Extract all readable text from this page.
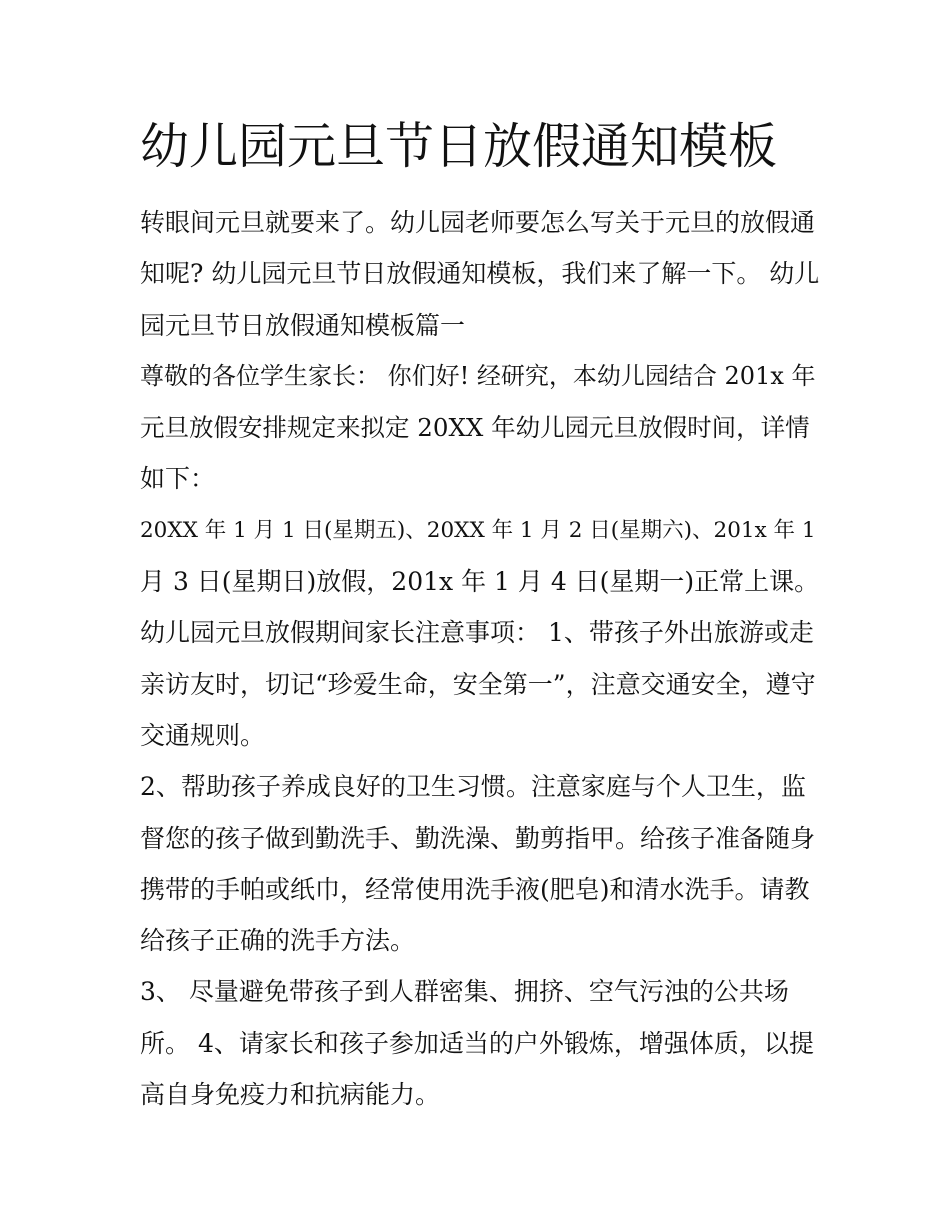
幼儿园元旦节日放假通知模板

转眼间元旦就要来了。幼儿园老师要怎么写关于元旦的放假通

知呢? 幼儿园元旦节日放假通知模板，我们来了解一下。 幼儿

园元旦节日放假通知模板篇一

尊敬的各位学生家长： 你们好! 经研究，本幼儿园结合 201x 年

元旦放假安排规定来拟定 20XX 年幼儿园元旦放假时间，详情

如下：

20XX 年 1 月 1 日(星期五)、20XX 年 1 月 2 日(星期六)、201x 年 1

月 3 日(星期日)放假，201x 年 1 月 4 日(星期一)正常上课。

幼儿园元旦放假期间家长注意事项： 1、带孩子外出旅游或走

亲访友时，切记“珍爱生命，安全第一”，注意交通安全，遵守

交通规则。

2、帮助孩子养成良好的卫生习惯。注意家庭与个人卫生，监

督您的孩子做到勤洗手、勤洗澡、勤剪指甲。给孩子准备随身

携带的手帕或纸巾，经常使用洗手液(肥皂)和清水洗手。请教

给孩子正确的洗手方法。

3、 尽量避免带孩子到人群密集、拥挤、空气污浊的公共场

所。 4、请家长和孩子参加适当的户外锻炼，增强体质，以提

高自身免疫力和抗病能力。
